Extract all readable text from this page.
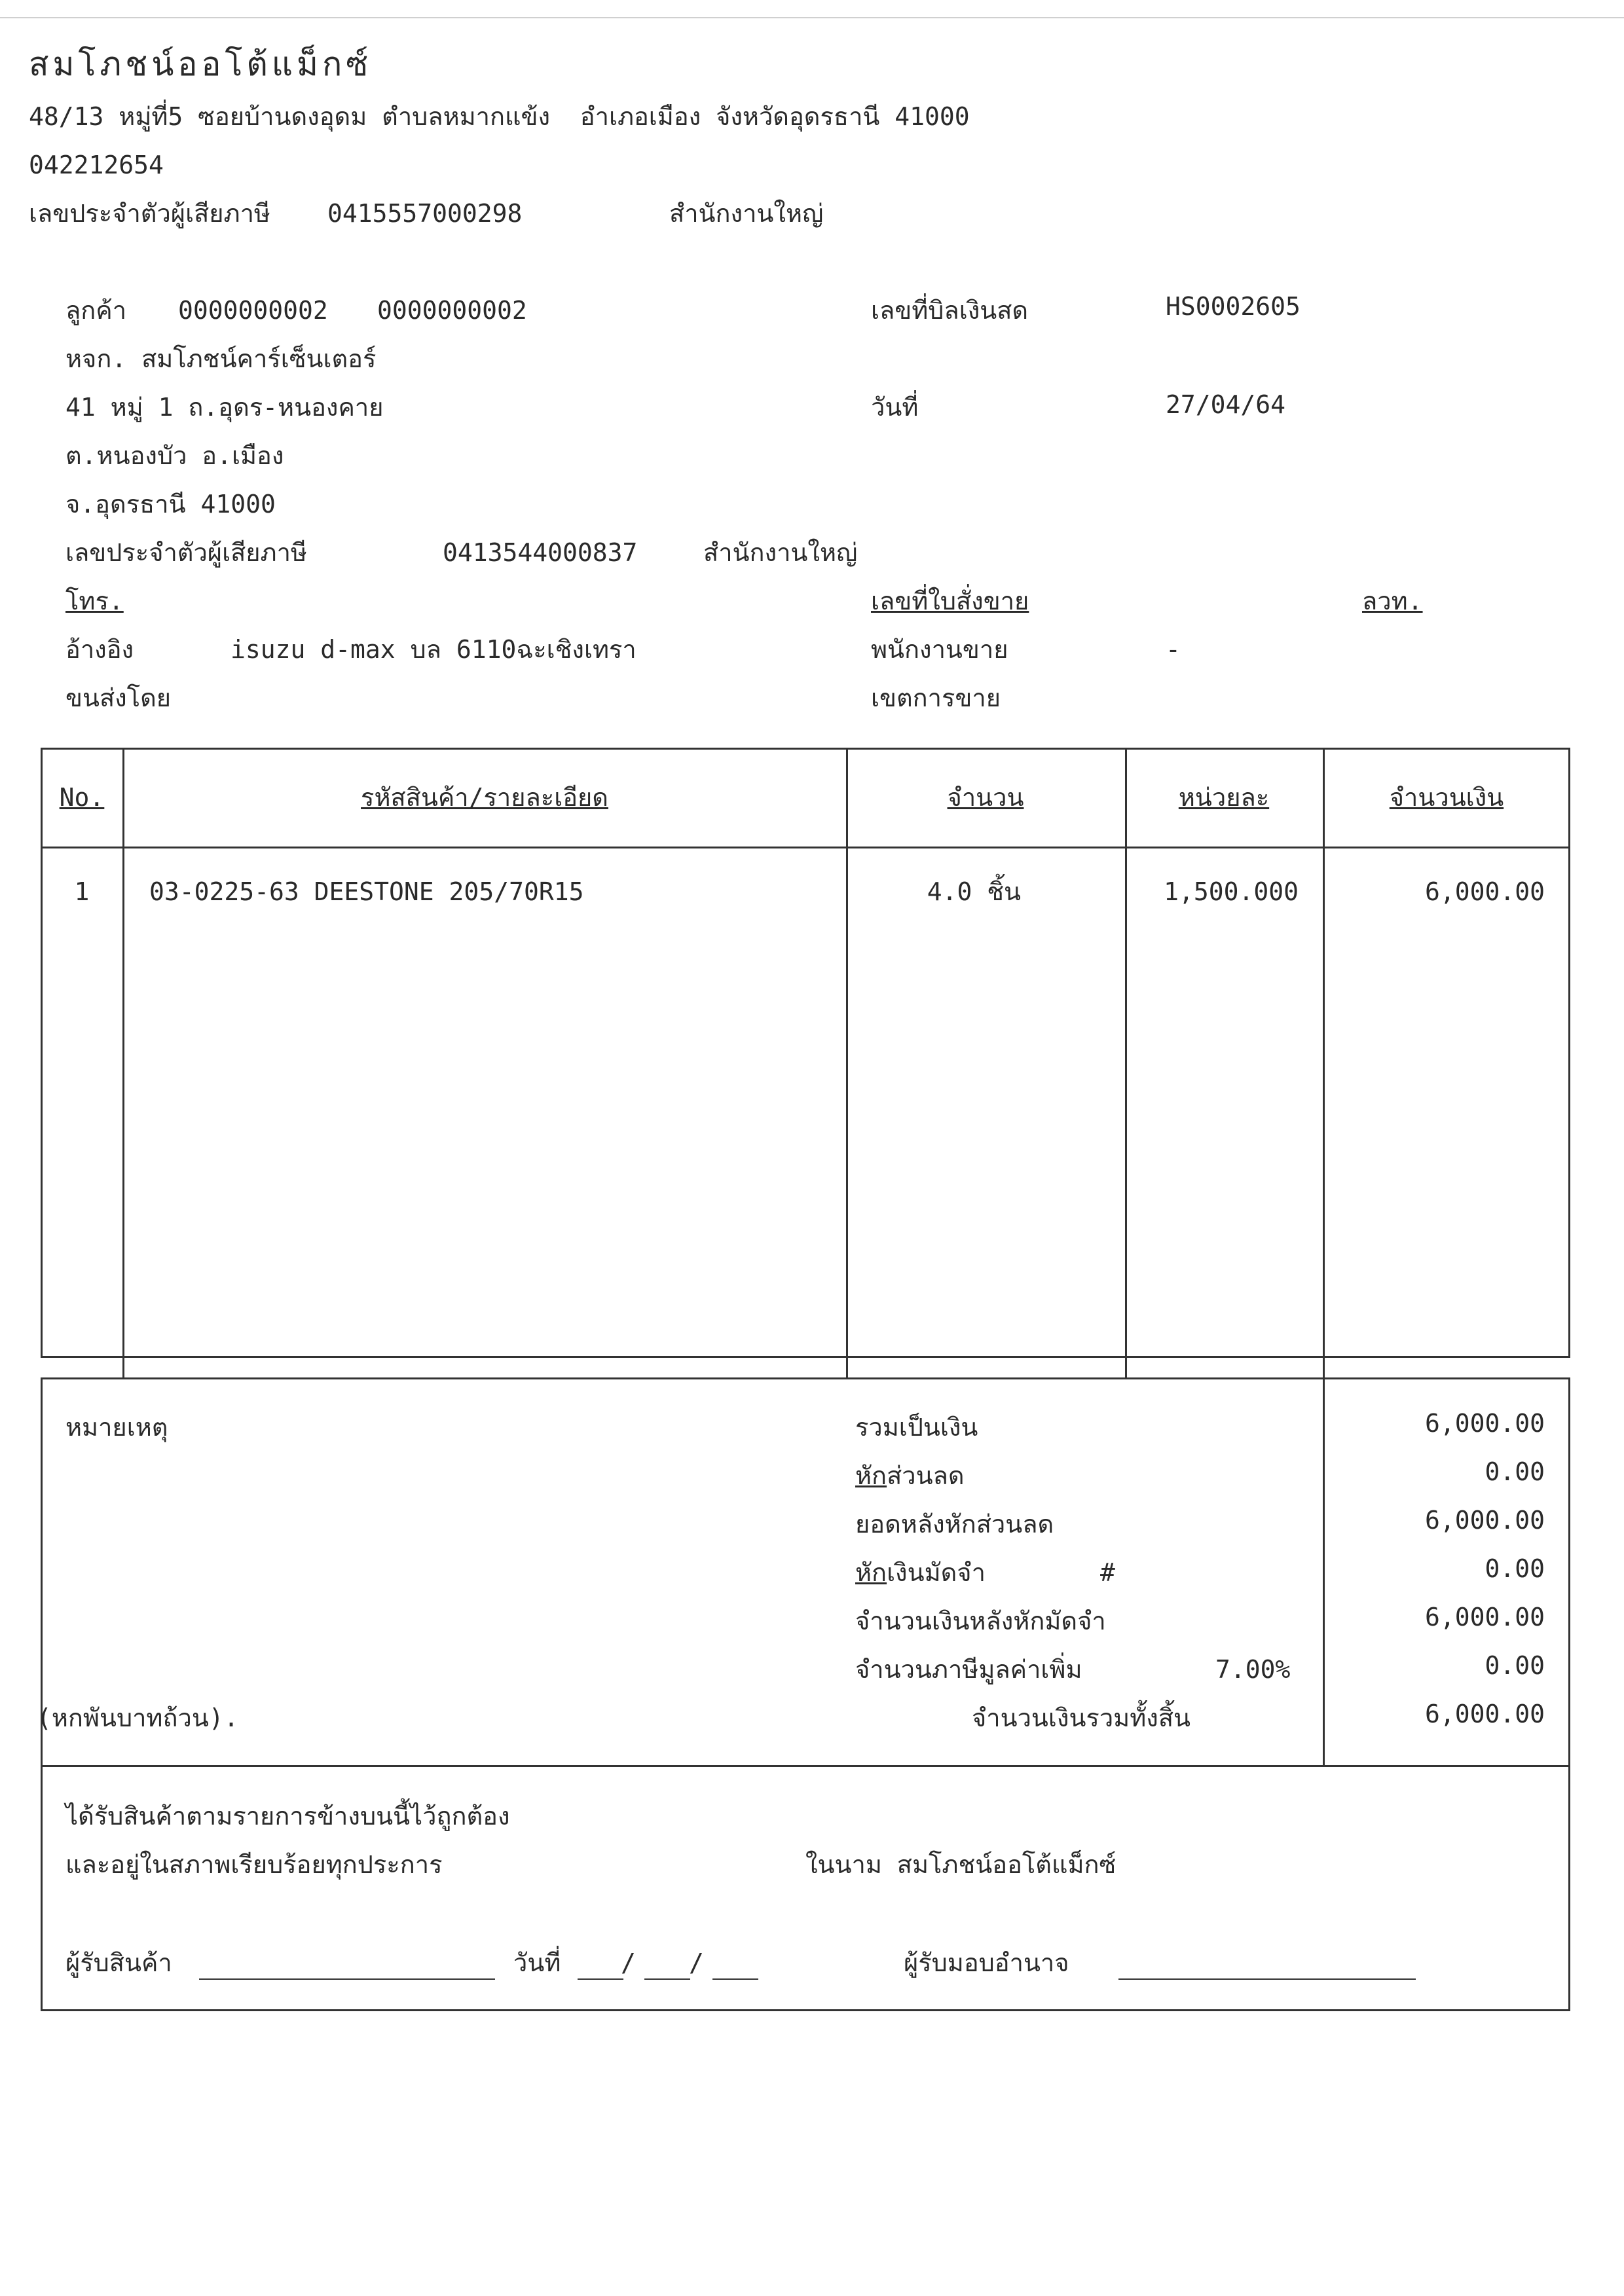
สมโภชน์ออโต้แม็กซ์
48/13 หมู่ที่5 ซอยบ้านดงอุดม ตำบลหมากแข้ง  อำเภอเมือง จังหวัดอุดรธานี 41000
042212654
เลขประจำตัวผู้เสียภาษี 0415557000298	สำนักงานใหญ่
ลูกค้า 0000000002 0000000002
หจก. สมโภชน์คาร์เซ็นเตอร์
41 หมู่ 1 ถ.อุดร-หนองคาย
ต.หนองบัว อ.เมือง
จ.อุดรธานี 41000
เลขประจำตัวผู้เสียภาษี	0413544000837	สำนักงานใหญ่
โทร.
อ้างอิง	isuzu d-max บล 6110ฉะเชิงเทรา
ขนส่งโดย
เลขที่บิลเงินสด	HS0002605
วันที่	27/04/64
เลขที่ใบสั่งขาย	ลวท.
พนักงานขาย	-
เขตการขาย
No.	รหัสสินค้า/รายละเอียด	จำนวน	หน่วยละ	จำนวนเงิน
1	03-0225-63 DEESTONE 205/70R15	4.0 ชิ้น	1,500.000	6,000.00
หมายเหตุ
(หกพันบาทถ้วน).
รวมเป็นเงิน	6,000.00
หักส่วนลด	0.00
ยอดหลังหักส่วนลด	6,000.00
หักเงินมัดจำ	#	0.00
จำนวนเงินหลังหักมัดจำ	6,000.00
จำนวนภาษีมูลค่าเพิ่ม	7.00%	0.00
จำนวนเงินรวมทั้งสิ้น	6,000.00
ได้รับสินค้าตามรายการข้างบนนี้ไว้ถูกต้อง
และอยู่ในสภาพเรียบร้อยทุกประการ	ในนาม สมโภชน์ออโต้แม็กซ์
ผู้รับสินค้า	วันที่ / /	ผู้รับมอบอำนาจ
